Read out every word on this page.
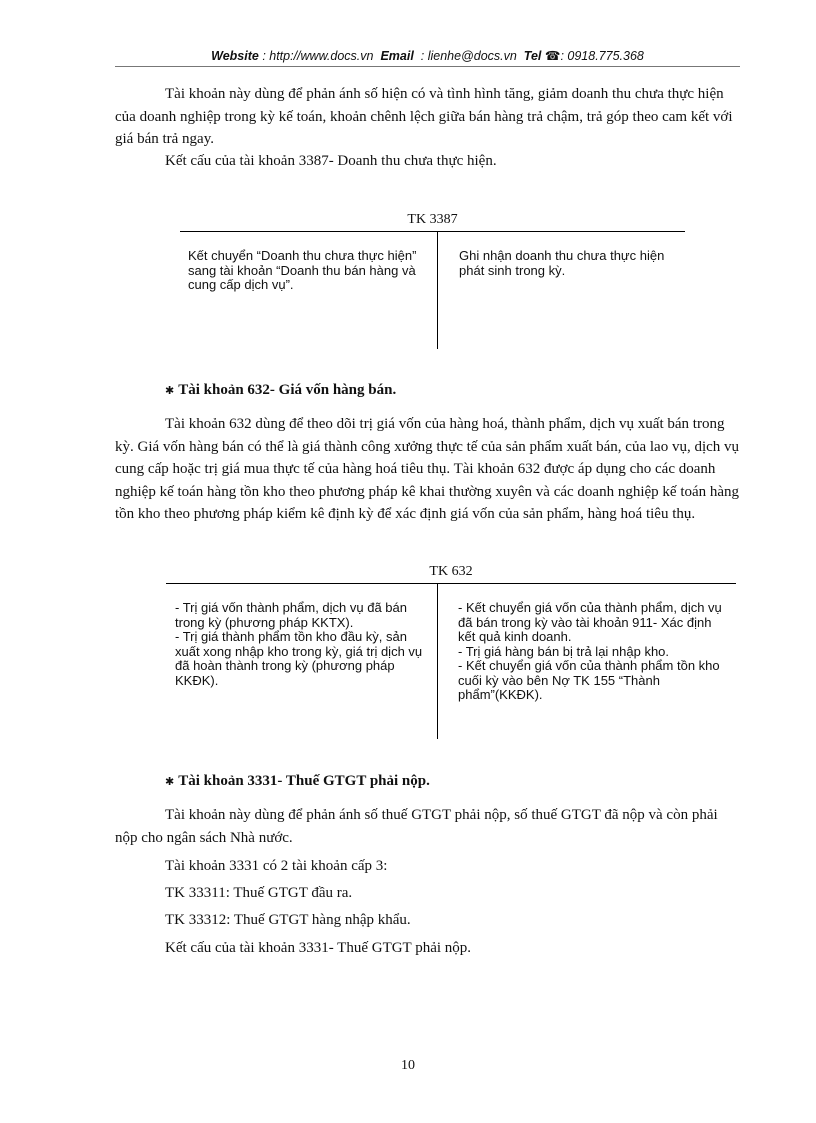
Website : http://www.docs.vn Email : lienhe@docs.vn Tel ☎: 0918.775.368

Tài khoản này dùng để phản ánh số hiện có và tình hình tăng, giảm doanh thu chưa thực hiện của doanh nghiệp trong kỳ kế toán, khoản chênh lệch giữa bán hàng trả chậm, trả góp theo cam kết với giá bán trả ngay.

Kết cấu của tài khoản 3387- Doanh thu chưa thực hiện.

TK 3387

Kết chuyển “Doanh thu chưa thực hiện” sang tài khoản “Doanh thu bán hàng và cung cấp dịch vụ”.

Ghi nhận doanh thu chưa thực hiện phát sinh trong kỳ.

✱ Tài khoản 632- Giá vốn hàng bán.

Tài khoản 632 dùng để theo dõi trị giá vốn của hàng hoá, thành phẩm, dịch vụ xuất bán trong kỳ. Giá vốn hàng bán có thể là giá thành công xưởng thực tế của sản phẩm xuất bán, của lao vụ, dịch vụ cung cấp hoặc trị giá mua thực tế của hàng hoá tiêu thụ. Tài khoản 632 được áp dụng cho các doanh nghiệp kế toán hàng tồn kho theo phương pháp kê khai thường xuyên và các doanh nghiệp kế toán hàng tồn kho theo phương pháp kiểm kê định kỳ để xác định giá vốn của sản phẩm, hàng hoá tiêu thụ.

TK 632
- Trị giá vốn thành phẩm, dịch vụ đã bán trong kỳ (phương pháp KKTX).
- Trị giá thành phẩm tồn kho đầu kỳ, sản xuất xong nhập kho trong kỳ, giá trị dịch vụ đã hoàn thành trong kỳ (phương pháp KKĐK).
- Kết chuyển giá vốn của thành phẩm, dịch vụ đã bán trong kỳ vào tài khoản 911- Xác định kết quả kinh doanh.
- Trị giá hàng bán bị trả lại nhập kho.
- Kết chuyển giá vốn của thành phẩm tồn kho cuối kỳ vào bên Nợ TK 155 “Thành phẩm”(KKĐK).

✱ Tài khoản 3331- Thuế GTGT phải nộp.

Tài khoản này dùng để phản ánh số thuế GTGT phải nộp, số thuế GTGT đã nộp và còn phải nộp cho ngân sách Nhà nước.

Tài khoản 3331 có 2 tài khoản cấp 3:

TK 33311: Thuế GTGT đầu ra.

TK 33312: Thuế GTGT hàng nhập khẩu.

Kết cấu của tài khoản 3331- Thuế GTGT phải nộp.

10
